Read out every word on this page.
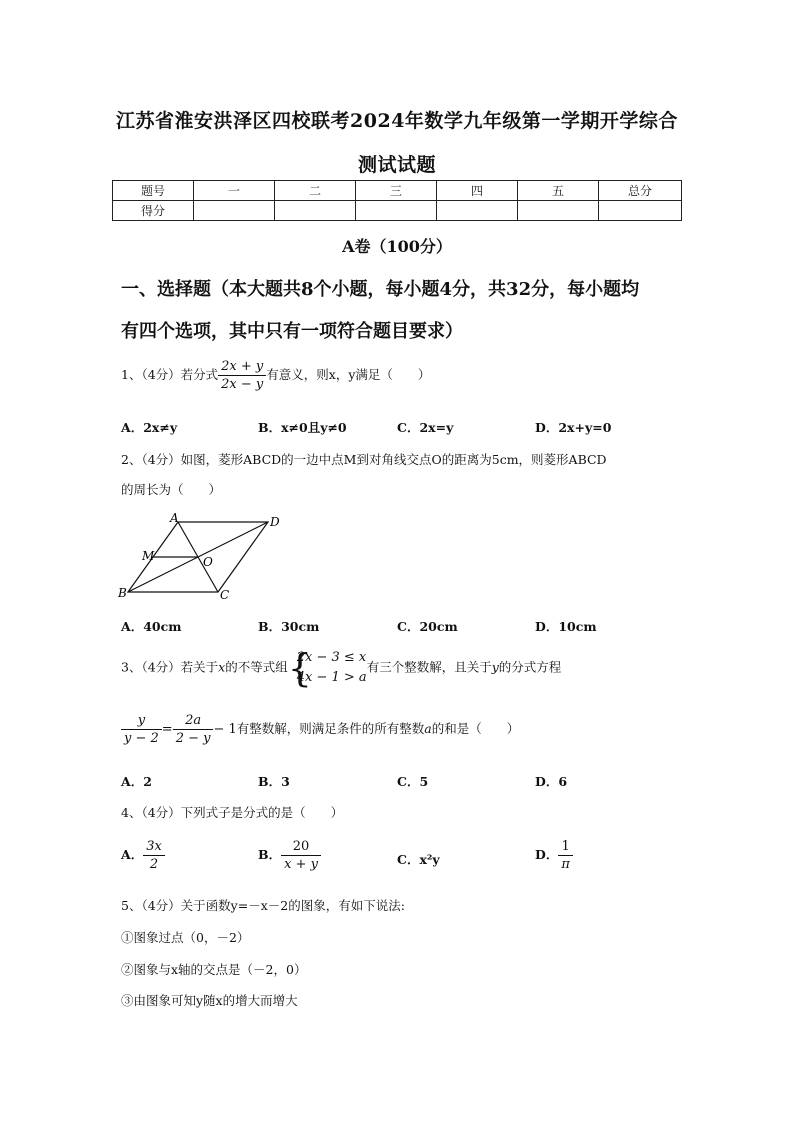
江苏省淮安洪泽区四校联考2024年数学九年级第一学期开学综合
测试试题
题号	一	二	三	四	五	总分
得分						
A卷（100分）
一、选择题（本大题共8个小题，每小题4分，共32分，每小题均
有四个选项，其中只有一项符合题目要求）
1、（4分）若分式 $\frac{2x + y}{2x - y}$ 有意义，则x，y满足（　　）
A．2x≠y	B．x≠0且y≠0	C．2x=y	D．2x+y=0
2、（4分）如图，菱形ABCD的一边中点M到对角线交点O的距离为5cm，则菱形ABCD
的周长为（　　）
A	D
M	O
B	C
A．40cm	B．30cm	C．20cm	D．10cm
3、（4分）若关于x的不等式组 {
2x − 3 ≤ x
4x − 1 > a
有三个整数解，且关于y的分式方程
$\frac{y}{y - 2} = \frac{2a}{2 - y} - 1$有整数解，则满足条件的所有整数a的和是（　　）
A．2	B．3	C．5	D．6
4、（4分）下列式子是分式的是（　　）
A． $\frac{3x}{2}$	B． $\frac{20}{x + y}$	C．x²y	D． $\frac{1}{\pi}$
5、（4分）关于函数y=－x－2的图象，有如下说法:
①图象过点（0，－2）
②图象与x轴的交点是（－2，0）
③由图象可知y随x的增大而增大
